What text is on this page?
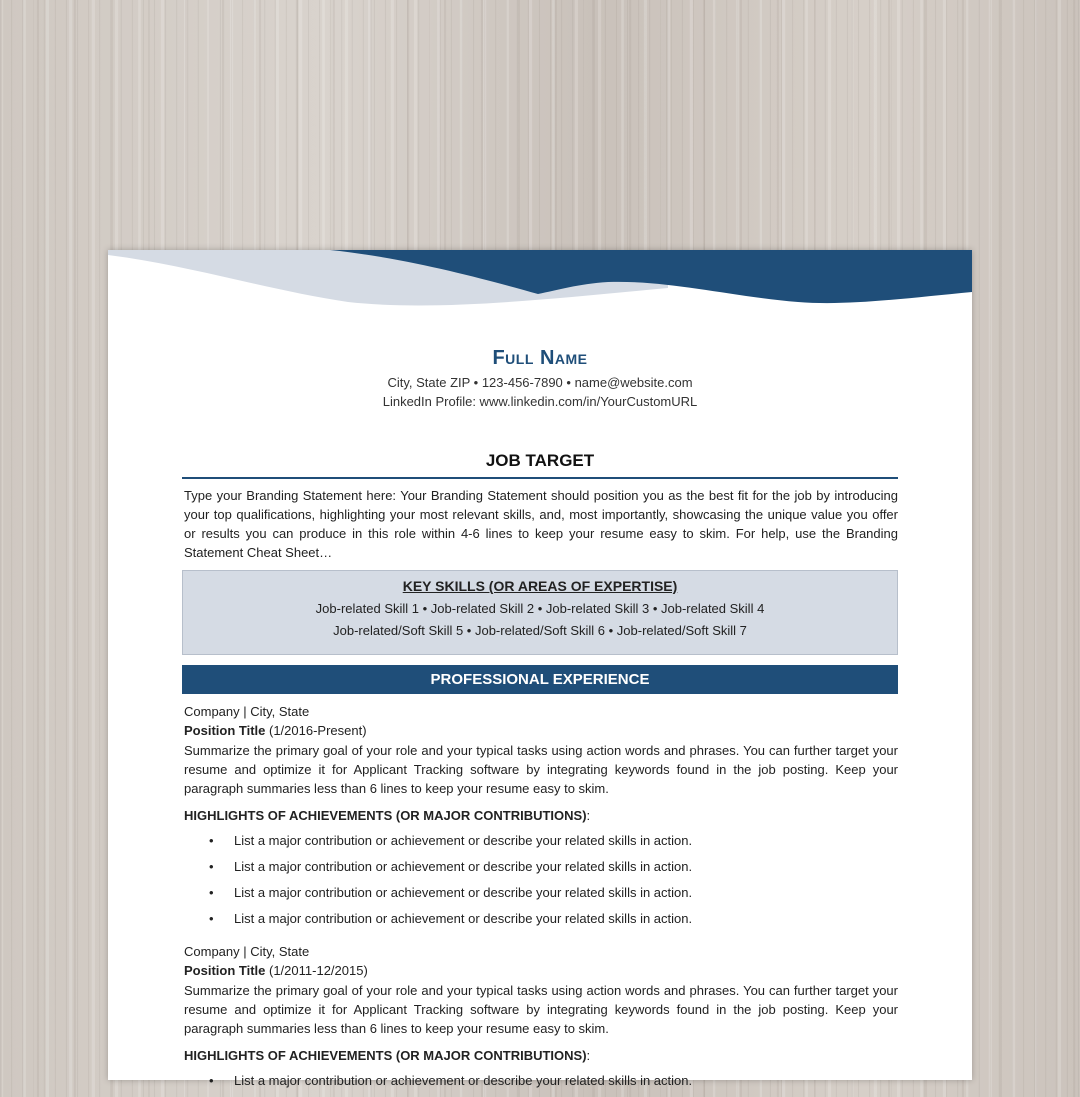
Full Name
City, State ZIP • 123-456-7890 • name@website.com
LinkedIn Profile: www.linkedin.com/in/YourCustomURL
JOB TARGET
Type your Branding Statement here: Your Branding Statement should position you as the best fit for the job by introducing your top qualifications, highlighting your most relevant skills, and, most importantly, showcasing the unique value you offer or results you can produce in this role within 4-6 lines to keep your resume easy to skim. For help, use the Branding Statement Cheat Sheet…
KEY SKILLS (OR AREAS OF EXPERTISE)
Job-related Skill 1 • Job-related Skill 2 • Job-related Skill 3 • Job-related Skill 4
Job-related/Soft Skill 5 • Job-related/Soft Skill 6 • Job-related/Soft Skill 7
PROFESSIONAL EXPERIENCE
Company | City, State
Position Title (1/2016-Present)
Summarize the primary goal of your role and your typical tasks using action words and phrases. You can further target your resume and optimize it for Applicant Tracking software by integrating keywords found in the job posting. Keep your paragraph summaries less than 6 lines to keep your resume easy to skim.
HIGHLIGHTS OF ACHIEVEMENTS (OR MAJOR CONTRIBUTIONS):
• List a major contribution or achievement or describe your related skills in action.
• List a major contribution or achievement or describe your related skills in action.
• List a major contribution or achievement or describe your related skills in action.
• List a major contribution or achievement or describe your related skills in action.
Company | City, State
Position Title (1/2011-12/2015)
Summarize the primary goal of your role and your typical tasks using action words and phrases. You can further target your resume and optimize it for Applicant Tracking software by integrating keywords found in the job posting. Keep your paragraph summaries less than 6 lines to keep your resume easy to skim.
HIGHLIGHTS OF ACHIEVEMENTS (OR MAJOR CONTRIBUTIONS):
• List a major contribution or achievement or describe your related skills in action.
